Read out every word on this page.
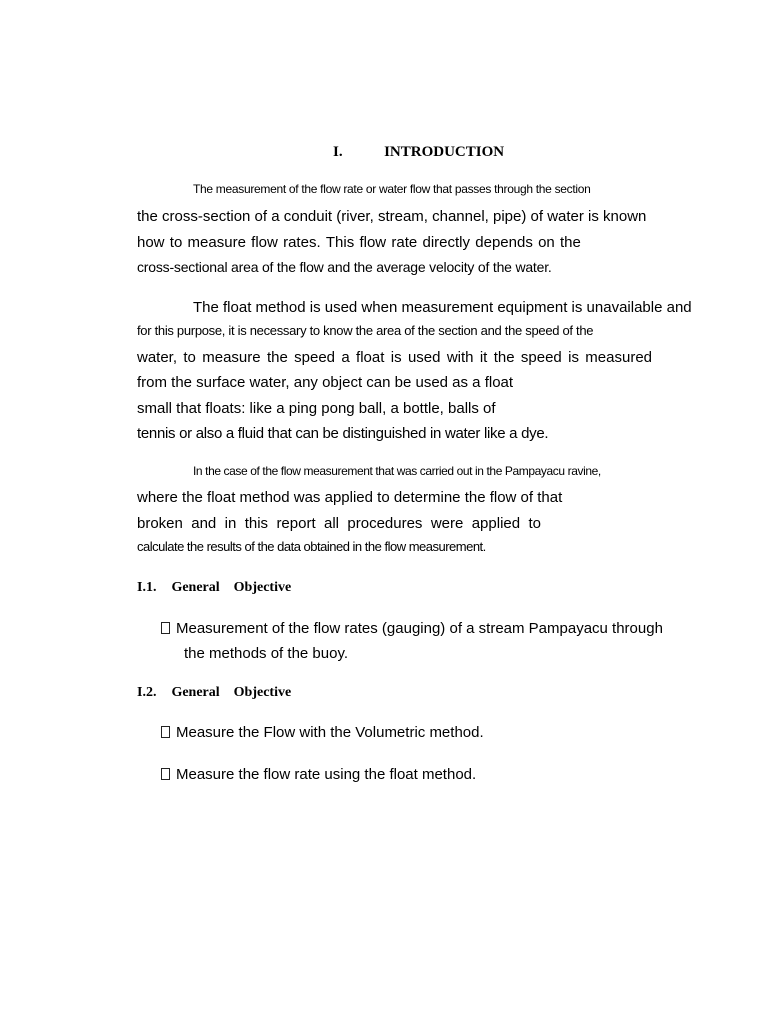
I.	INTRODUCTION
The measurement of the flow rate or water flow that passes through the section
the cross-section of a conduit (river, stream, channel, pipe) of water is known
how to measure flow rates. This flow rate directly depends on the
cross-sectional area of the flow and the average velocity of the water.
The float method is used when measurement equipment is unavailable and
for this purpose, it is necessary to know the area of the section and the speed of the
water, to measure the speed a float is used with it the speed is measured
from the surface water, any object can be used as a float
small that floats: like a ping pong ball, a bottle, balls of
tennis or also a fluid that can be distinguished in water like a dye.
In the case of the flow measurement that was carried out in the Pampayacu ravine,
where the float method was applied to determine the flow of that
broken and in this report all procedures were applied to
calculate the results of the data obtained in the flow measurement.
I.1. General    Objective
Measurement of the flow rates (gauging) of a stream Pampayacu through
the methods of the buoy.
I.2. General    Objective
Measure the Flow with the Volumetric method.
Measure the flow rate using the float method.
